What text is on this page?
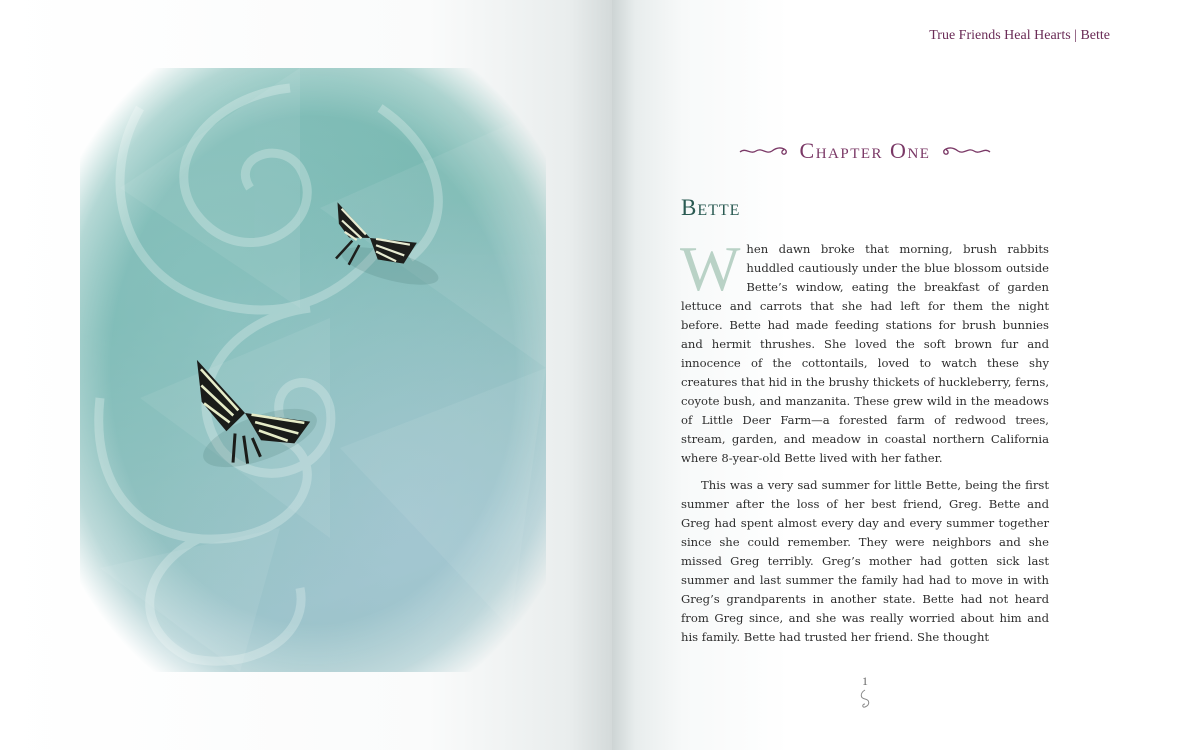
True Friends Heal Hearts | Bette
Chapter One
Bette

When dawn broke that morning, brush rabbits huddled cautiously under the blue blossom outside Bette’s window, eating the breakfast of garden lettuce and carrots that she had left for them the night before. Bette had made feeding stations for brush bunnies and hermit thrushes. She loved the soft brown fur and innocence of the cottontails, loved to watch these shy creatures that hid in the brushy thickets of huckleberry, ferns, coyote bush, and manzanita. These grew wild in the meadows of Little Deer Farm—a forested farm of redwood trees, stream, garden, and meadow in coastal northern California where 8-year-old Bette lived with her father.

This was a very sad summer for little Bette, being the first summer after the loss of her best friend, Greg. Bette and Greg had spent almost every day and every summer together since she could remember. They were neighbors and she missed Greg terribly. Greg’s mother had gotten sick last summer and last summer the family had had to move in with Greg’s grandparents in another state. Bette had not heard from Greg since, and she was really worried about him and his family. Bette had trusted her friend. She thought

1
